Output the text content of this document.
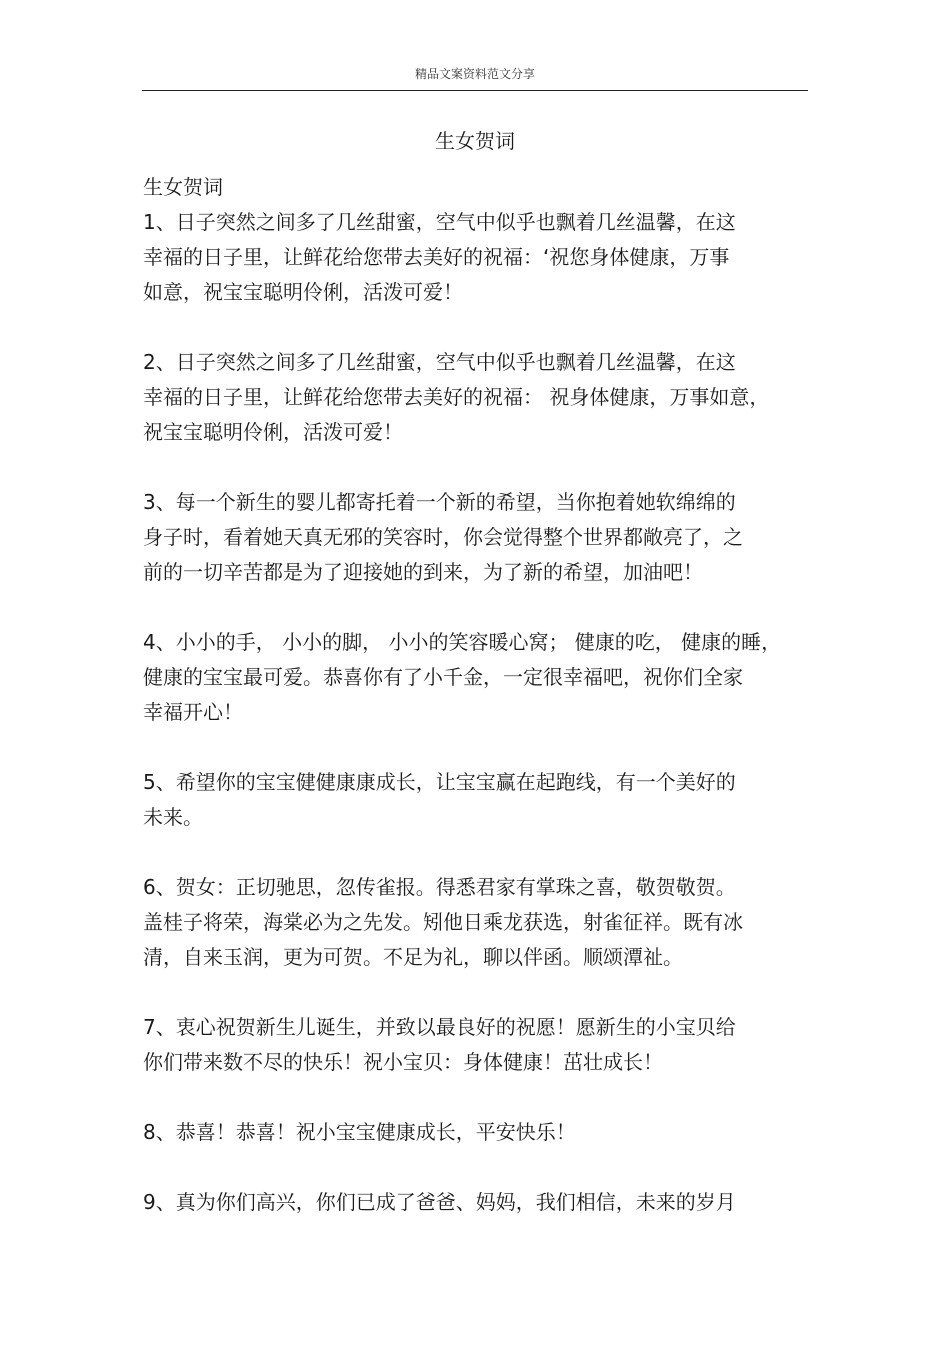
精品文案资料范文分享
生女贺词

生女贺词

1、日子突然之间多了几丝甜蜜，空气中似乎也飘着几丝温馨，在这
幸福的日子里，让鲜花给您带去美好的祝福：‘祝您身体健康，万事
如意，祝宝宝聪明伶俐，活泼可爱！

2、日子突然之间多了几丝甜蜜，空气中似乎也飘着几丝温馨，在这
幸福的日子里，让鲜花给您带去美好的祝福： 祝身体健康，万事如意，
祝宝宝聪明伶俐，活泼可爱！

3、每一个新生的婴儿都寄托着一个新的希望，当你抱着她软绵绵的
身子时，看着她天真无邪的笑容时，你会觉得整个世界都敞亮了，之
前的一切辛苦都是为了迎接她的到来，为了新的希望，加油吧！

4、小小的手， 小小的脚， 小小的笑容暖心窝； 健康的吃， 健康的睡，
健康的宝宝最可爱。恭喜你有了小千金，一定很幸福吧，祝你们全家
幸福开心！

5、希望你的宝宝健健康康成长，让宝宝赢在起跑线，有一个美好的
未来。

6、贺女：正切驰思，忽传雀报。得悉君家有掌珠之喜，敬贺敬贺。
盖桂子将荣，海棠必为之先发。矧他日乘龙获选，射雀征祥。既有冰
清，自来玉润，更为可贺。不足为礼，聊以伴函。顺颂潭祉。

7、衷心祝贺新生儿诞生，并致以最良好的祝愿！愿新生的小宝贝给
你们带来数不尽的快乐！祝小宝贝：身体健康！茁壮成长！

8、恭喜！恭喜！祝小宝宝健康成长，平安快乐！

9、真为你们高兴，你们已成了爸爸、妈妈，我们相信，未来的岁月
